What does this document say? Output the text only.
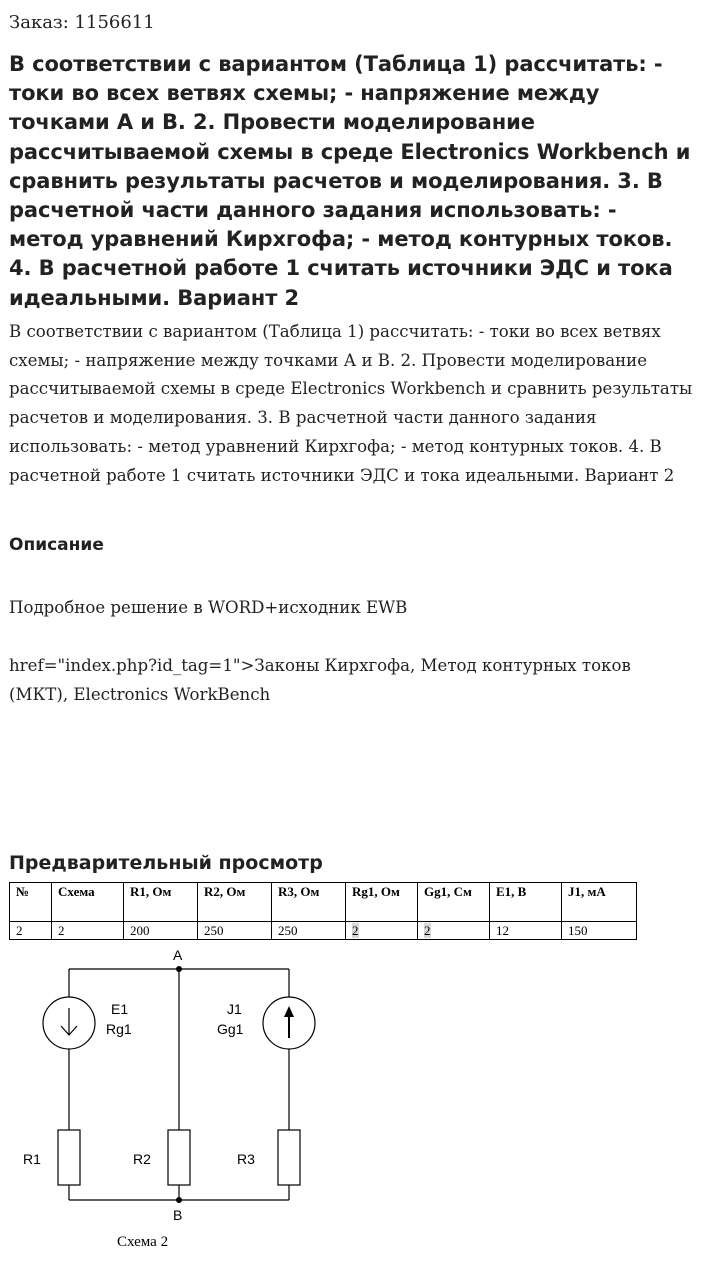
Заказ: 1156611
В соответствии с вариантом (Таблица 1) рассчитать: - токи во всех ветвях схемы; - напряжение между точками А и В. 2. Провести моделирование рассчитываемой схемы в среде Electronics Workbench и сравнить результаты расчетов и моделирования. 3. В расчетной части данного задания использовать: - метод уравнений Кирхгофа; - метод контурных токов. 4. В расчетной работе 1 считать источники ЭДС и тока идеальными. Вариант 2

В соответствии с вариантом (Таблица 1) рассчитать: - токи во всех ветвях схемы; - напряжение между точками А и В. 2. Провести моделирование рассчитываемой схемы в среде Electronics Workbench и сравнить результаты расчетов и моделирования. 3. В расчетной части данного задания использовать: - метод уравнений Кирхгофа; - метод контурных токов. 4. В расчетной работе 1 считать источники ЭДС и тока идеальными. Вариант 2

Описание

Подробное решение в WORD+исходник EWB

href="index.php?id_tag=1">Законы Кирхгофа, Метод контурных токов (МКТ), Electronics WorkBench

Предварительный просмотр
№	Схема	R1, Ом	R2, Ом	R3, Ом	Rg1, Ом	Gg1, См	E1, В	J1, мА
2	2	200	250	250	2	2	12	150
A
B
E1
Rg1
J1
Gg1
R1	R2	R3
Схема 2
